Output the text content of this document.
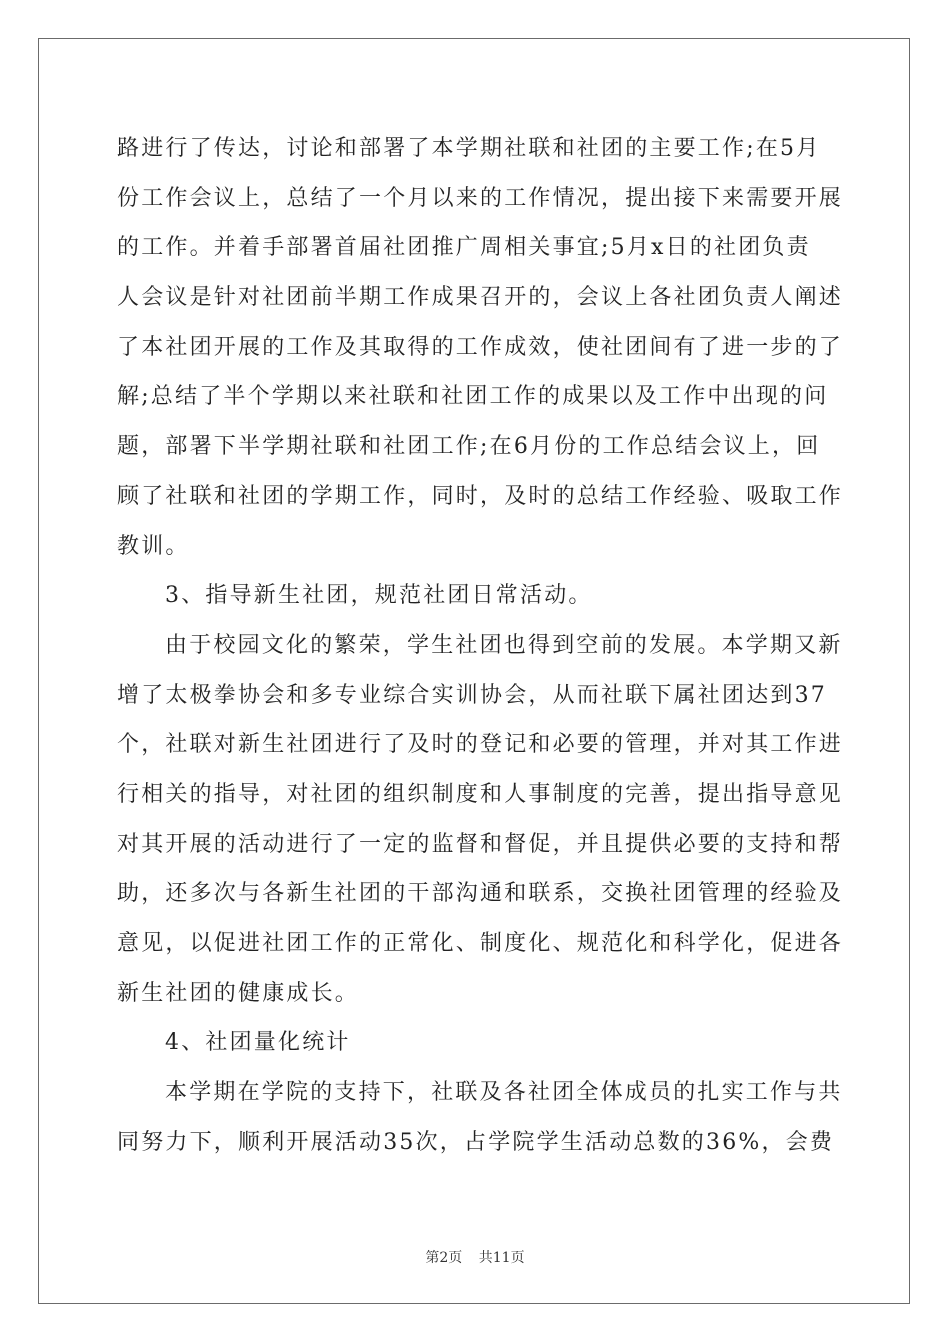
路进行了传达，讨论和部署了本学期社联和社团的主要工作;在5月
份工作会议上，总结了一个月以来的工作情况，提出接下来需要开展
的工作。并着手部署首届社团推广周相关事宜;5月x日的社团负责
人会议是针对社团前半期工作成果召开的，会议上各社团负责人阐述
了本社团开展的工作及其取得的工作成效，使社团间有了进一步的了
解;总结了半个学期以来社联和社团工作的成果以及工作中出现的问
题，部署下半学期社联和社团工作;在6月份的工作总结会议上，回
顾了社联和社团的学期工作，同时，及时的总结工作经验、吸取工作
教训。
3、指导新生社团，规范社团日常活动。
由于校园文化的繁荣，学生社团也得到空前的发展。本学期又新
增了太极拳协会和多专业综合实训协会，从而社联下属社团达到37
个，社联对新生社团进行了及时的登记和必要的管理，并对其工作进
行相关的指导，对社团的组织制度和人事制度的完善，提出指导意见
对其开展的活动进行了一定的监督和督促，并且提供必要的支持和帮
助，还多次与各新生社团的干部沟通和联系，交换社团管理的经验及
意见，以促进社团工作的正常化、制度化、规范化和科学化，促进各
新生社团的健康成长。
4、社团量化统计
本学期在学院的支持下，社联及各社团全体成员的扎实工作与共
同努力下，顺利开展活动35次，占学院学生活动总数的36%，会费
第2页 共11页
